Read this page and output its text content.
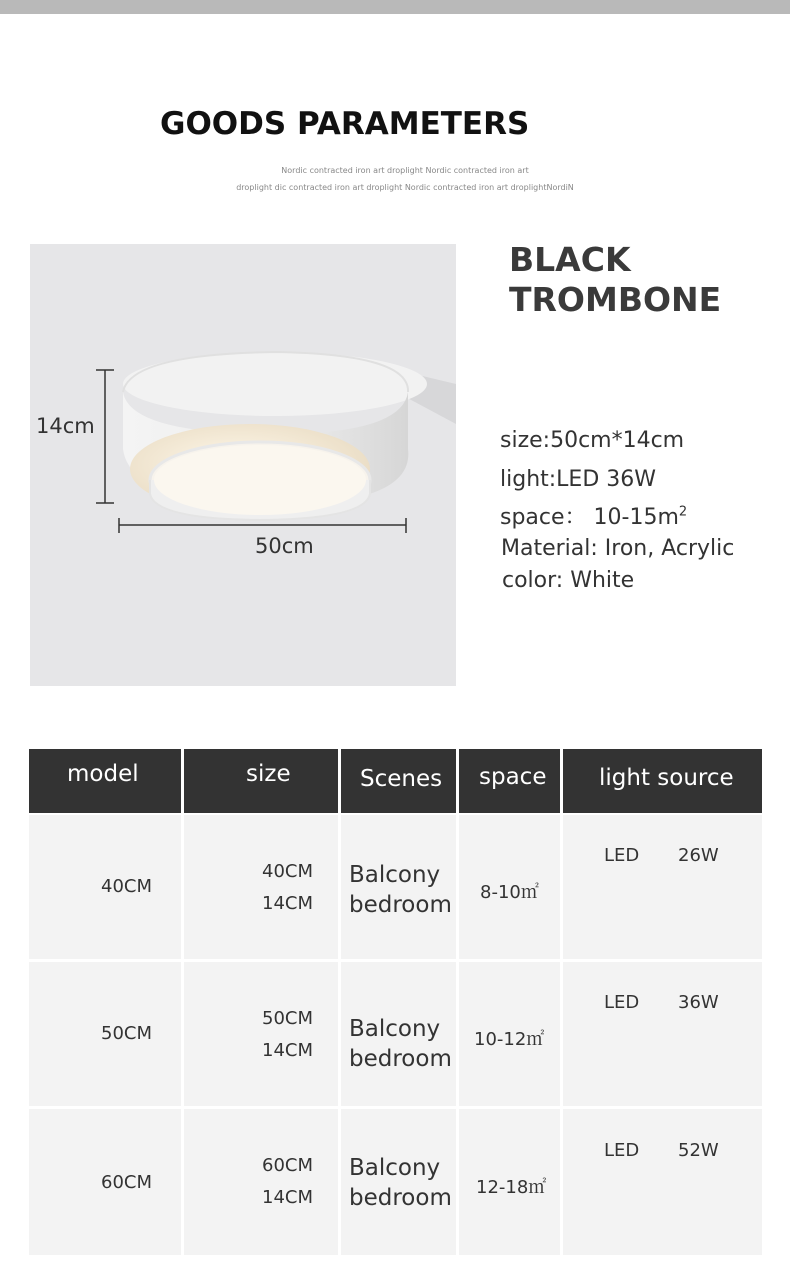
GOODS PARAMETERS
Nordic contracted iron art droplight Nordic contracted iron art
droplight dic contracted iron art droplight Nordic contracted iron art droplightNordiN
14cm
50cm
BLACK TROMBONE
size:50cm*14cm
light:LED 36W
space： $10-15m^2$
Material: Iron, Acrylic
color: White
model	size	Scenes space light source
40CM
40CM
14CM
Balcony
bedroom 8-10㎡
LED 26W
50CM
50CM
14CM
Balcony
bedroom
10-12㎡
LED 36W
60CM
60CM
14CM
Balcony
bedroom 12-18㎡
LED 52W
